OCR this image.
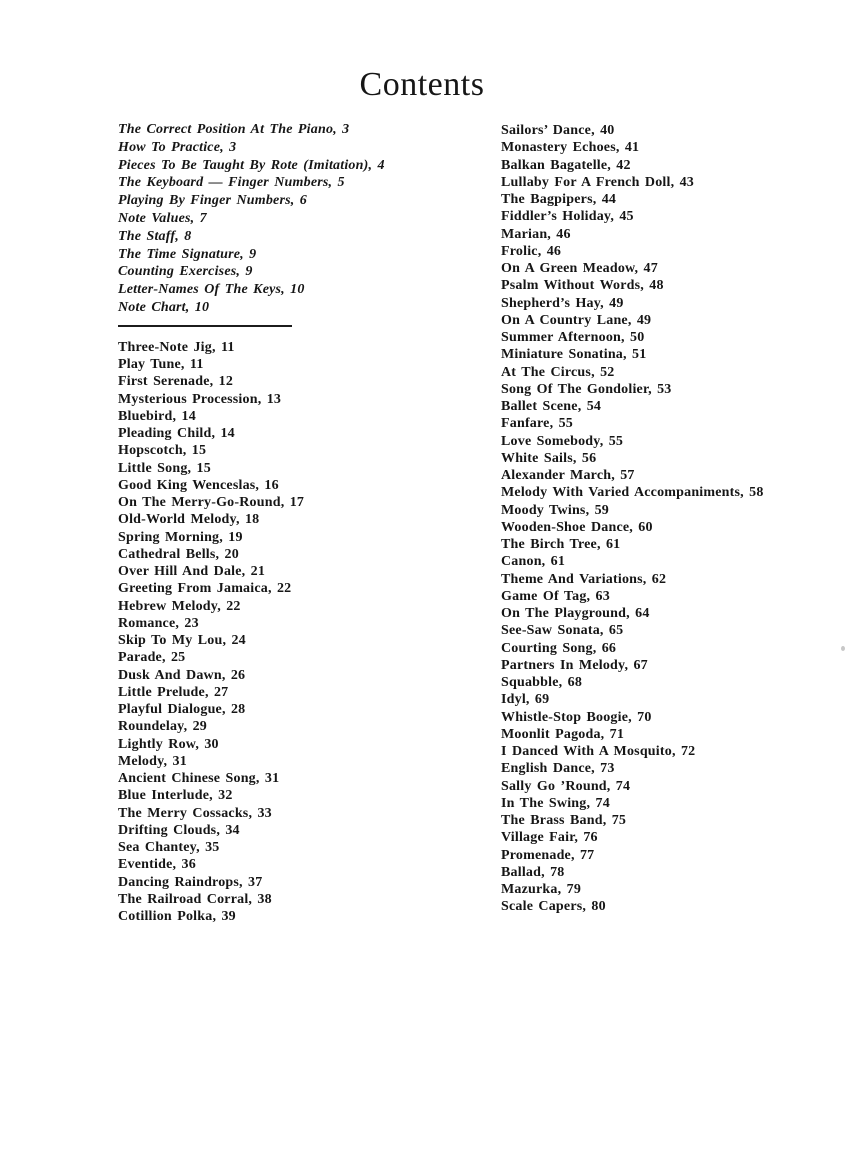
Contents
The Correct Position At The Piano, 3
How To Practice, 3
Pieces To Be Taught By Rote (Imitation), 4
The Keyboard — Finger Numbers, 5
Playing By Finger Numbers, 6
Note Values, 7
The Staff, 8
The Time Signature, 9
Counting Exercises, 9
Letter-Names Of The Keys, 10
Note Chart, 10
Three-Note Jig, 11
Play Tune, 11
First Serenade, 12
Mysterious Procession, 13
Bluebird, 14
Pleading Child, 14
Hopscotch, 15
Little Song, 15
Good King Wenceslas, 16
On The Merry-Go-Round, 17
Old-World Melody, 18
Spring Morning, 19
Cathedral Bells, 20
Over Hill And Dale, 21
Greeting From Jamaica, 22
Hebrew Melody, 22
Romance, 23
Skip To My Lou, 24
Parade, 25
Dusk And Dawn, 26
Little Prelude, 27
Playful Dialogue, 28
Roundelay, 29
Lightly Row, 30
Melody, 31
Ancient Chinese Song, 31
Blue Interlude, 32
The Merry Cossacks, 33
Drifting Clouds, 34
Sea Chantey, 35
Eventide, 36
Dancing Raindrops, 37
The Railroad Corral, 38
Cotillion Polka, 39
Sailors’ Dance, 40
Monastery Echoes, 41
Balkan Bagatelle, 42
Lullaby For A French Doll, 43
The Bagpipers, 44
Fiddler’s Holiday, 45
Marian, 46
Frolic, 46
On A Green Meadow, 47
Psalm Without Words, 48
Shepherd’s Hay, 49
On A Country Lane, 49
Summer Afternoon, 50
Miniature Sonatina, 51
At The Circus, 52
Song Of The Gondolier, 53
Ballet Scene, 54
Fanfare, 55
Love Somebody, 55
White Sails, 56
Alexander March, 57
Melody With Varied Accompaniments, 58
Moody Twins, 59
Wooden-Shoe Dance, 60
The Birch Tree, 61
Canon, 61
Theme And Variations, 62
Game Of Tag, 63
On The Playground, 64
See-Saw Sonata, 65
Courting Song, 66
Partners In Melody, 67
Squabble, 68
Idyl, 69
Whistle-Stop Boogie, 70
Moonlit Pagoda, 71
I Danced With A Mosquito, 72
English Dance, 73
Sally Go ’Round, 74
In The Swing, 74
The Brass Band, 75
Village Fair, 76
Promenade, 77
Ballad, 78
Mazurka, 79
Scale Capers, 80
